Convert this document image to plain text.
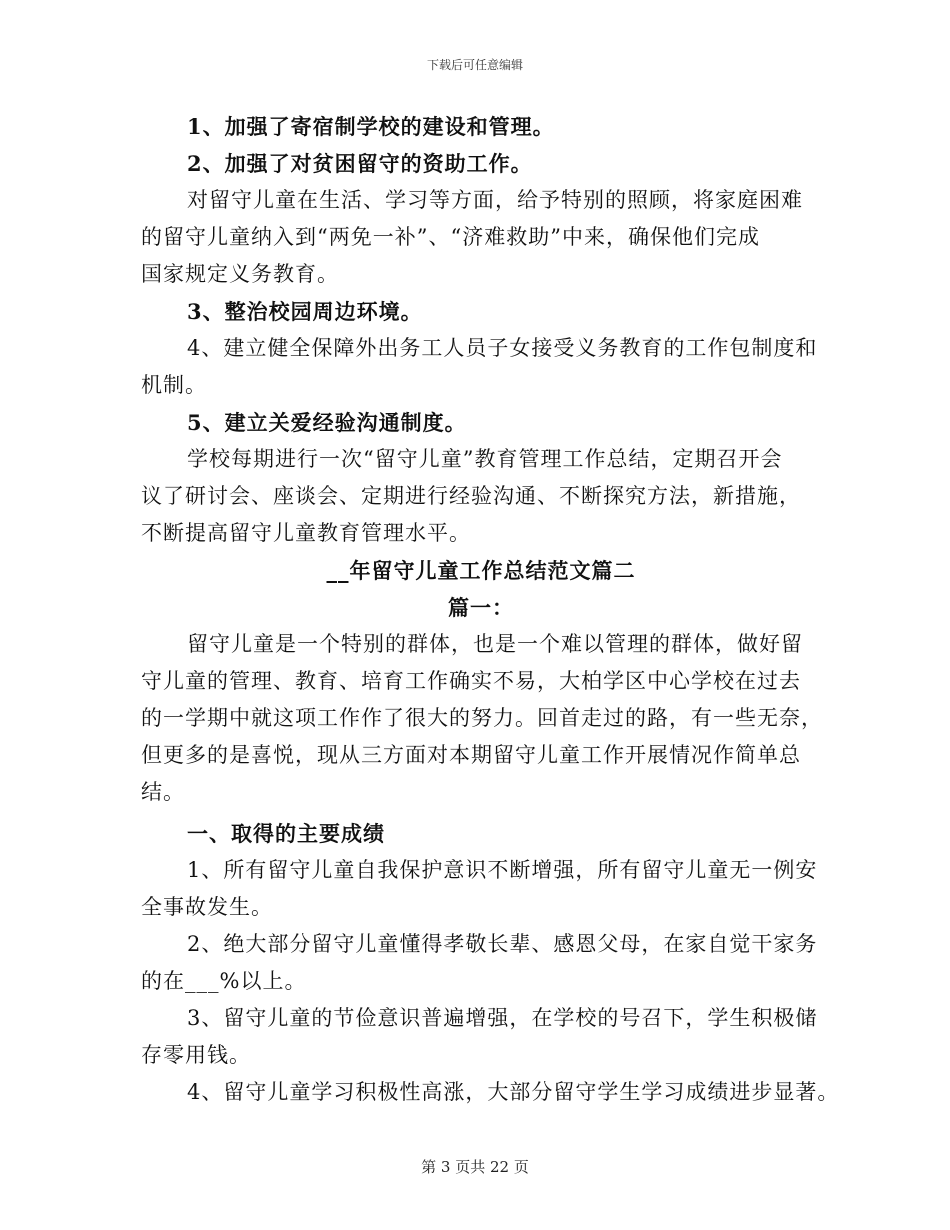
下载后可任意编辑
1、加强了寄宿制学校的建设和管理。
2、加强了对贫困留守的资助工作。
对留守儿童在生活、学习等方面，给予特别的照顾，将家庭困难
的留守儿童纳入到“两免一补”、“济难救助”中来，确保他们完成
国家规定义务教育。
3、整治校园周边环境。
4、建立健全保障外出务工人员子女接受义务教育的工作包制度和
机制。
5、建立关爱经验沟通制度。
学校每期进行一次“留守儿童”教育管理工作总结，定期召开会
议了研讨会、座谈会、定期进行经验沟通、不断探究方法，新措施，
不断提高留守儿童教育管理水平。
__年留守儿童工作总结范文篇二
篇一：
留守儿童是一个特别的群体，也是一个难以管理的群体，做好留
守儿童的管理、教育、培育工作确实不易，大柏学区中心学校在过去
的一学期中就这项工作作了很大的努力。回首走过的路，有一些无奈，
但更多的是喜悦，现从三方面对本期留守儿童工作开展情况作简单总
结。
一、取得的主要成绩
1、所有留守儿童自我保护意识不断增强，所有留守儿童无一例安
全事故发生。
2、绝大部分留守儿童懂得孝敬长辈、感恩父母，在家自觉干家务
的在___%以上。
3、留守儿童的节俭意识普遍增强，在学校的号召下，学生积极储
存零用钱。
4、留守儿童学习积极性高涨，大部分留守学生学习成绩进步显著。
第 3 页共 22 页
